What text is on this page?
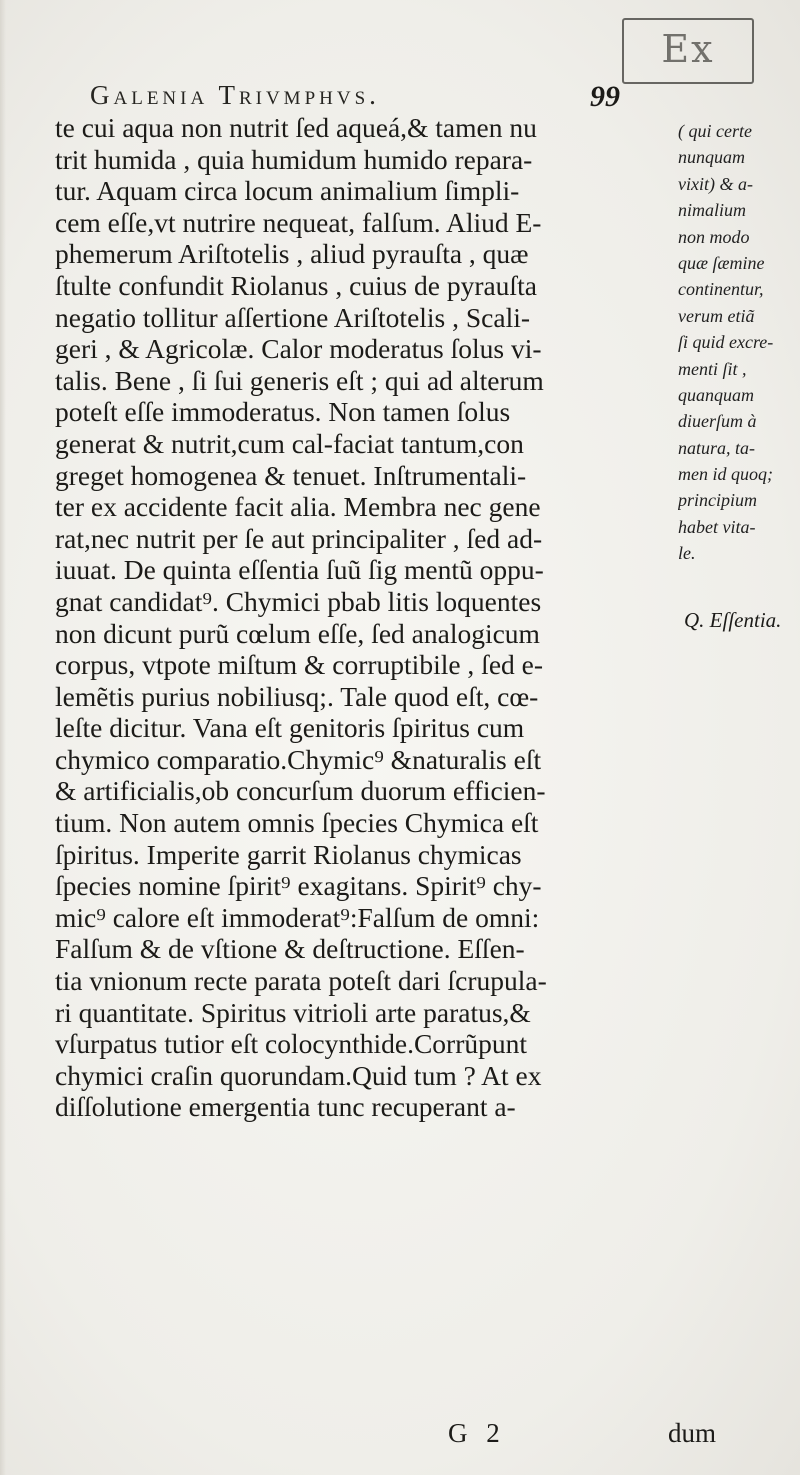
Ex
Galenia Trivmphvs.	99
te cui aqua non nutrit ſed aqueá,& tamen nu
trit humida , quia humidum humido repara-
tur. Aquam circa locum animalium ſimpli-
cem eſſe,vt nutrire nequeat, falſum. Aliud E-
phemerum Ariſtotelis , aliud pyrauſta , quæ
ſtulte confundit Riolanus , cuius de pyrauſta
negatio tollitur aſſertione Ariſtotelis , Scali-
geri , & Agricolæ. Calor moderatus ſolus vi-
talis. Bene , ſi ſui generis eſt ; qui ad alterum
poteſt eſſe immoderatus. Non tamen ſolus
generat & nutrit,cum cal-faciat tantum,con
greget homogenea & tenuet. Inſtrumentali-
ter ex accidente facit alia. Membra nec gene
rat,nec nutrit per ſe aut principaliter , ſed ad-
iuuat. De quinta eſſentia ſuũ ſig mentũ oppu-
gnat candidat⁹. Chymici pbab litis loquentes
non dicunt purũ cœlum eſſe, ſed analogicum
corpus, vtpote miſtum & corruptibile , ſed e-
lemẽtis purius nobiliusq;. Tale quod eſt, cœ-
leſte dicitur. Vana eſt genitoris ſpiritus cum
chymico comparatio.Chymic⁹ &naturalis eſt
& artificialis,ob concurſum duorum efficien-
tium. Non autem omnis ſpecies Chymica eſt
ſpiritus. Imperite garrit Riolanus chymicas
ſpecies nomine ſpirit⁹ exagitans. Spirit⁹ chy-
mic⁹ calore eſt immoderat⁹:Falſum de omni:
Falſum & de vſtione & deſtructione. Eſſen-
tia vnionum recte parata poteſt dari ſcrupula-
ri quantitate. Spiritus vitrioli arte paratus,&
vſurpatus tutior eſt colocynthide.Corrũpunt
chymici craſin quorundam.Quid tum ? At ex
diſſolutione emergentia tunc recuperant a-
( qui certe
nunquam
vixit) & a-
nimalium
non modo
quæ ſæmine
continentur,
verum etiã
ſi quid excre-
menti ſit ,
quanquam
diuerſum à
natura, ta-
men id quoq;
principium
habet vita-
le.
Q. Eſſentia.
G 2	dum
